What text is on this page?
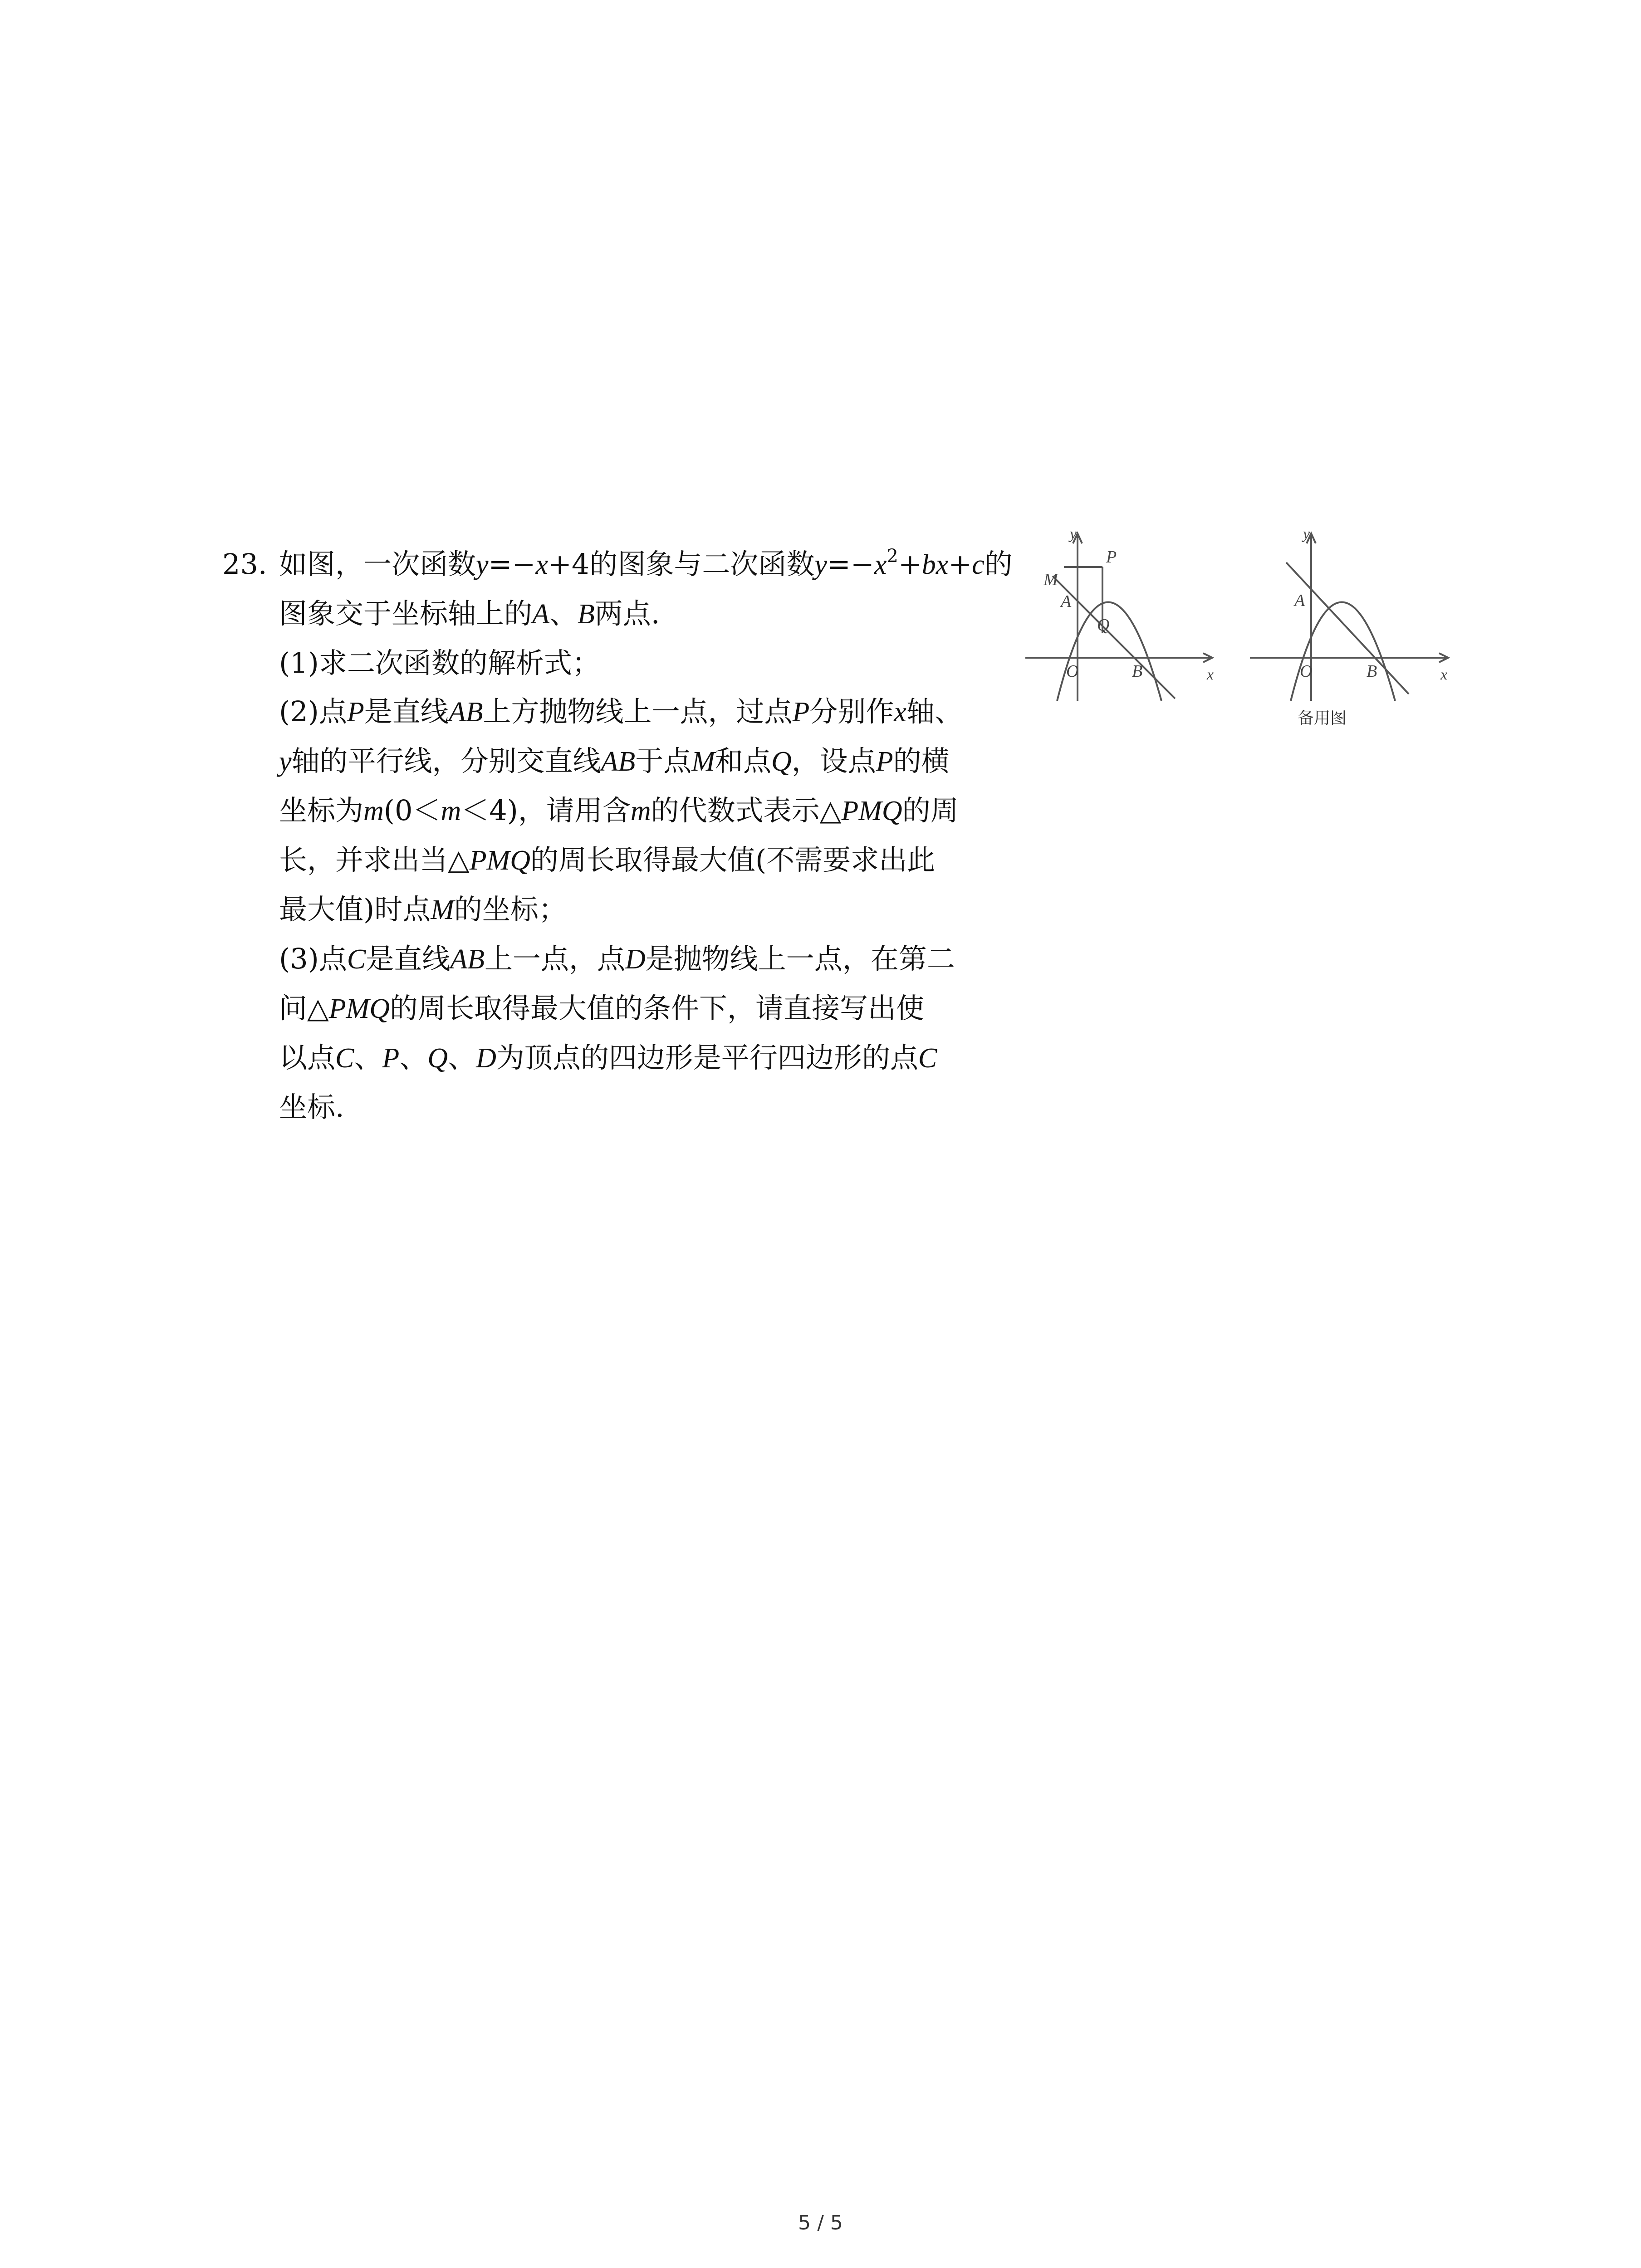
23. 如图，一次函数y=−x+4的图象与二次函数$y=-x^2+bx+c$的
图象交于坐标轴上的A、B两点.
(1)求二次函数的解析式；
(2)点P是直线AB上方抛物线上一点，过点P分别作x轴、
y轴的平行线，分别交直线AB于点M和点Q，设点P的横
坐标为m(0＜m＜4)，请用含m的代数式表示△PMQ的周
长，并求出当△PMQ的周长取得最大值(不需要求出此
最大值)时点M的坐标；
(3)点C是直线AB上一点，点D是抛物线上一点，在第二
问△PMQ的周长取得最大值的条件下，请直接写出使
以点C、P、Q、D为顶点的四边形是平行四边形的点C
坐标.
y
P
M
A
Q
O	B	x
y
A
O	B	x
备用图
5 / 5
